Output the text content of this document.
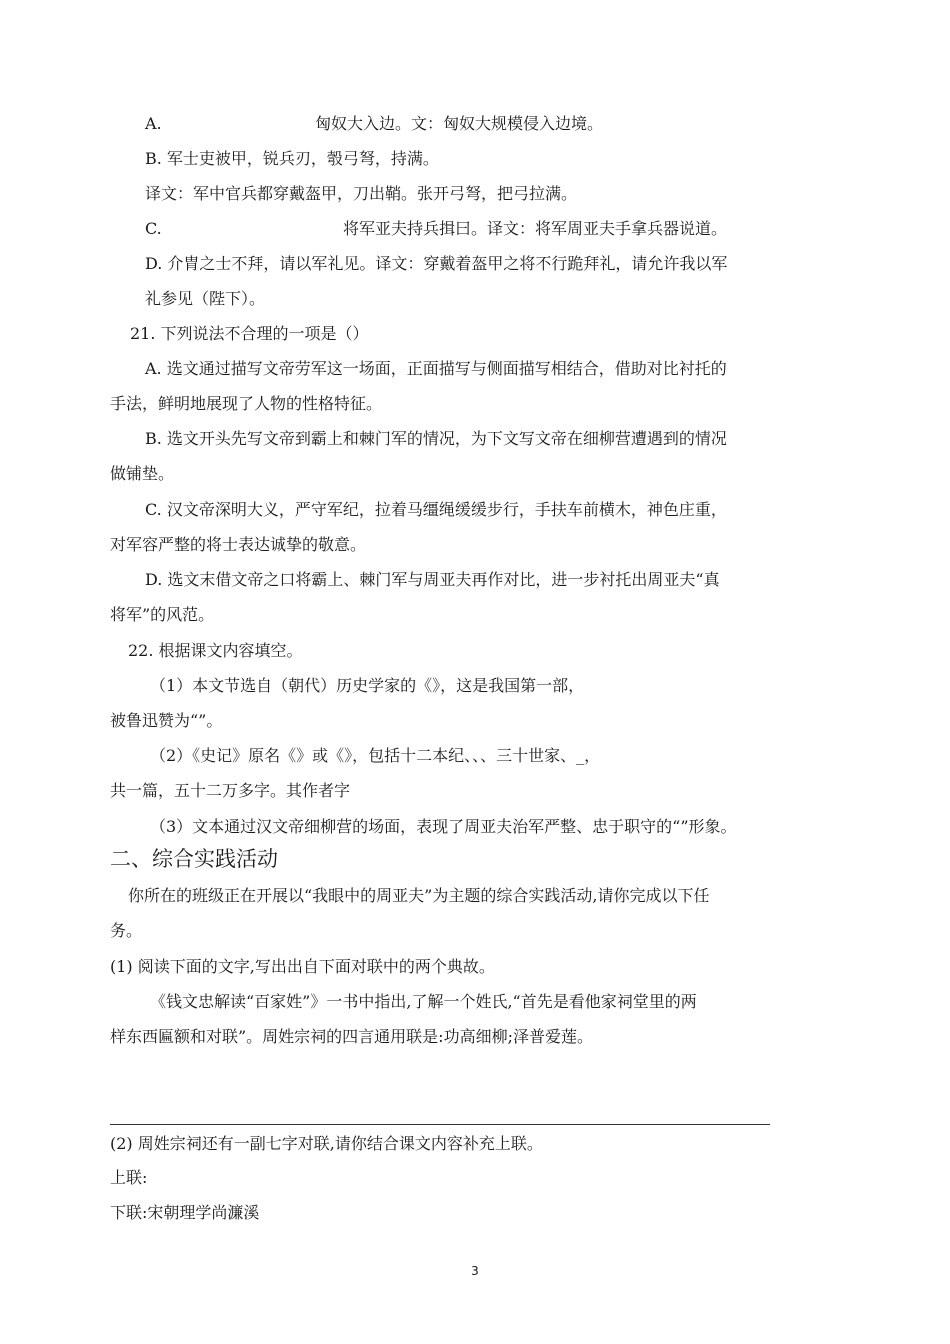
A.	匈奴大入边。文：匈奴大规模侵入边境。
B. 军士吏被甲，锐兵刃，彀弓弩，持满。
译文：军中官兵都穿戴盔甲，刀出鞘。张开弓弩，把弓拉满。
C.	将军亚夫持兵揖曰。译文：将军周亚夫手拿兵器说道。
D. 介胄之士不拜，请以军礼见。译文：穿戴着盔甲之将不行跪拜礼，请允许我以军
礼参见（陛下）。
21. 下列说法不合理的一项是（）
A. 选文通过描写文帝劳军这一场面，正面描写与侧面描写相结合，借助对比衬托的
手法，鲜明地展现了人物的性格特征。
B. 选文开头先写文帝到霸上和棘门军的情况，为下文写文帝在细柳营遭遇到的情况
做铺垫。
C. 汉文帝深明大义，严守军纪，拉着马缰绳缓缓步行，手扶车前横木，神色庄重，
对军容严整的将士表达诚挚的敬意。
D. 选文末借文帝之口将霸上、棘门军与周亚夫再作对比，进一步衬托出周亚夫“真
将军”的风范。
22. 根据课文内容填空。
（1）本文节选自（朝代）历史学家的《》，这是我国第一部，
被鲁迅赞为“”。
（2）《史记》原名《》或《》，包括十二本纪、、、三十世家、_，
共一篇，五十二万多字。其作者字
（3）文本通过汉文帝细柳营的场面，表现了周亚夫治军严整、忠于职守的“”形象。
二、综合实践活动
你所在的班级正在开展以“我眼中的周亚夫”为主题的综合实践活动,请你完成以下任
务。
(1) 阅读下面的文字,写出出自下面对联中的两个典故。
《钱文忠解读“百家姓”》一书中指出,了解一个姓氏,“首先是看他家祠堂里的两
样东西匾额和对联”。周姓宗祠的四言通用联是:功高细柳;泽普爱莲。
(2) 周姓宗祠还有一副七字对联,请你结合课文内容补充上联。
上联:
下联:宋朝理学尚濂溪
3
